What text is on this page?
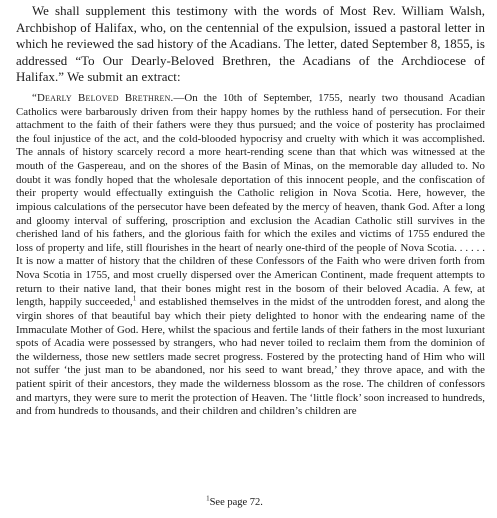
We shall supplement this testimony with the words of Most Rev. William Walsh, Archbishop of Halifax, who, on the centennial of the expulsion, issued a pastoral letter in which he reviewed the sad history of the Acadians. The letter, dated September 8, 1855, is addressed “To Our Dearly-Beloved Brethren, the Acadians of the Archdiocese of Halifax.” We submit an extract:

“Dearly Beloved Brethren.—On the 10th of September, 1755, nearly two thousand Acadian Catholics were barbarously driven from their happy homes by the ruthless hand of persecution. For their attachment to the faith of their fathers were they thus pursued; and the voice of posterity has proclaimed the foul injustice of the act, and the cold-blooded hypocrisy and cruelty with which it was accomplished. The annals of history scarcely record a more heart-rending scene than that which was witnessed at the mouth of the Gaspereau, and on the shores of the Basin of Minas, on the memorable day alluded to. No doubt it was fondly hoped that the wholesale deportation of this innocent people, and the confiscation of their property would effectually extinguish the Catholic religion in Nova Scotia. Here, however, the impious calculations of the persecutor have been defeated by the mercy of heaven, thank God. After a long and gloomy interval of suffering, proscription and exclusion the Acadian Catholic still survives in the cherished land of his fathers, and the glorious faith for which the exiles and victims of 1755 endured the loss of property and life, still flourishes in the heart of nearly one-third of the people of Nova Scotia. . . . . . It is now a matter of history that the children of these Confessors of the Faith who were driven forth from Nova Scotia in 1755, and most cruelly dispersed over the American Continent, made frequent attempts to return to their native land, that their bones might rest in the bosom of their beloved Acadia. A few, at length, happily succeeded,$^1$ and established themselves in the midst of the untrodden forest, and along the virgin shores of that beautiful bay which their piety delighted to honor with the endearing name of the Immaculate Mother of God. Here, whilst the spacious and fertile lands of their fathers in the most luxuriant spots of Acadia were possessed by strangers, who had never toiled to reclaim them from the dominion of the wilderness, those new settlers made secret progress. Fostered by the protecting hand of Him who will not suffer ‘the just man to be abandoned, nor his seed to want bread,’ they throve apace, and with the patient spirit of their ancestors, they made the wilderness blossom as the rose. The children of confessors and martyrs, they were sure to merit the protection of Heaven. The ‘little flock’ soon increased to hundreds, and from hundreds to thousands, and their children and children’s children are

$^1$See page 72.
